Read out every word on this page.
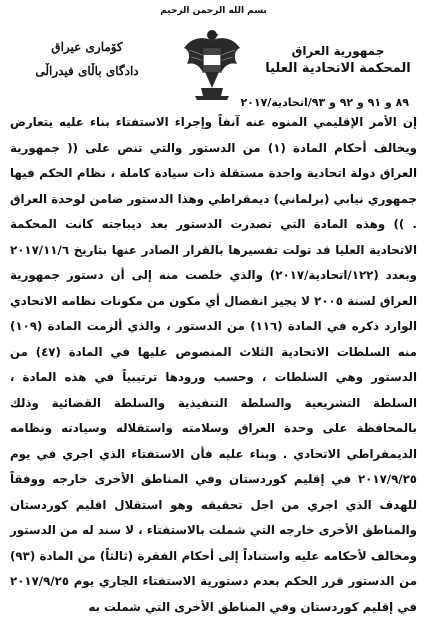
بسم الله الرحمن الرحيم
جمهورية العراق
المحكمة الاتحادية العليا
٨٩ و ٩١ و ٩٢ و ٩٣/اتحادية/٢٠١٧
كۆماری عیراق
دادگای باڵای فیدراڵی

إن الأمر الإقليمي المنوه عنه آنفاً وإجراء الاستفتاء بناء عليه يتعارض ويخالف أحكام المادة (١) من الدستور والتي تنص على (( جمهورية العراق دولة اتحادية واحدة مستقلة ذات سيادة كاملة ، نظام الحكم فيها جمهوري نيابي (برلماني) ديمقراطي وهذا الدستور ضامن لوحدة العراق . )) وهذه المادة التي تصدرت الدستور بعد ديباجته كانت المحكمة الاتحادية العليا قد تولت تفسيرها بالقرار الصادر عنها بتاريخ ٢٠١٧/١١/٦ وبعدد (١٢٢/اتحادية/٢٠١٧) والذي خلصت منه إلى أن دستور جمهورية العراق لسنة ٢٠٠٥ لا يجيز انفصال أي مكون من مكونات نظامه الاتحادي الوارد ذكره في المادة (١١٦) من الدستور ، والذي ألزمت المادة (١٠٩) منه السلطات الاتحادية الثلاث المنصوص عليها في المادة (٤٧) من الدستور وهي السلطات ، وحسب ورودها ترتيبياً في هذه المادة ، السلطة التشريعية والسلطة التنفيذية والسلطة القضائية وذلك بالمحافظة على وحدة العراق وسلامته واستقلاله وسيادته ونظامه الديمقراطي الاتحادي . وبناء عليه فأن الاستفتاء الذي اجري في يوم ٢٠١٧/٩/٢٥ في إقليم كوردستان وفي المناطق الأخرى خارجه ووفقاً للهدف الذي اجري من اجل تحقيقه وهو استقلال اقليم كوردستان والمناطق الأخرى خارجه التي شملت بالاستفتاء ، لا سند له من الدستور ومخالف لأحكامه عليه واستناداً إلى أحكام الفقرة (ثالثاً) من المادة (٩٣) من الدستور قرر الحكم بعدم دستورية الاستفتاء الجاري يوم ٢٠١٧/٩/٢٥ في إقليم كوردستان وفي المناطق الأخرى التي شملت به
